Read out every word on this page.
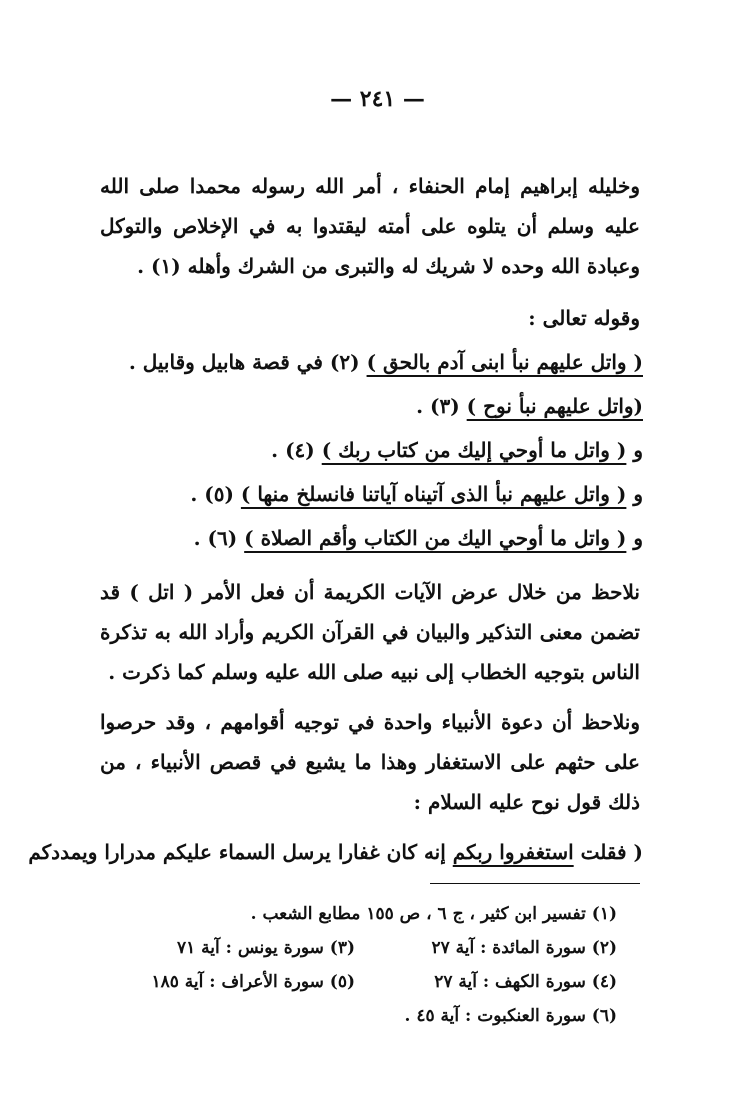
— ٢٤١ —

وخليله إبراهيم إمام الحنفاء ، أمر الله رسوله محمدا صلى الله عليه وسلم أن يتلوه على أمته ليقتدوا به في الإخلاص والتوكل وعبادة الله وحده لا شريك له والتبرى من الشرك وأهله (١) .

وقوله تعالى :

( واتل عليهم نبأ ابنى آدم بالحق ) (٢) في قصة هابيل وقابيل .
(واتل عليهم نبأ نوح ) (٣) .
و ( واتل ما أوحي إليك من كتاب ربك ) (٤) .
و ( واتل عليهم نبأ الذى آتيناه آياتنا فانسلخ منها ) (٥) .
و ( واتل ما أوحي اليك من الكتاب وأقم الصلاة ) (٦) .

نلاحظ من خلال عرض الآيات الكريمة أن فعل الأمر ( اتل ) قد تضمن معنى التذكير والبيان في القرآن الكريم وأراد الله به تذكرة الناس بتوجيه الخطاب إلى نبيه صلى الله عليه وسلم كما ذكرت .

ونلاحظ أن دعوة الأنبياء واحدة في توجيه أقوامهم ، وقد حرصوا على حثهم على الاستغفار وهذا ما يشيع في قصص الأنبياء ، من ذلك قول نوح عليه السلام :

( فقلت استغفروا ربكم إنه كان غفارا يرسل السماء عليكم مدرارا ويمددكم
(١) تفسير ابن كثير ، ج ٦ ، ص ١٥٥ مطابع الشعب .
(٢) سورة المائدة : آية ٢٧
(٣) سورة يونس : آية ٧١
(٤) سورة الكهف : آية ٢٧
(٥) سورة الأعراف : آية ١٨٥
(٦) سورة العنكبوت : آية ٤٥ .
